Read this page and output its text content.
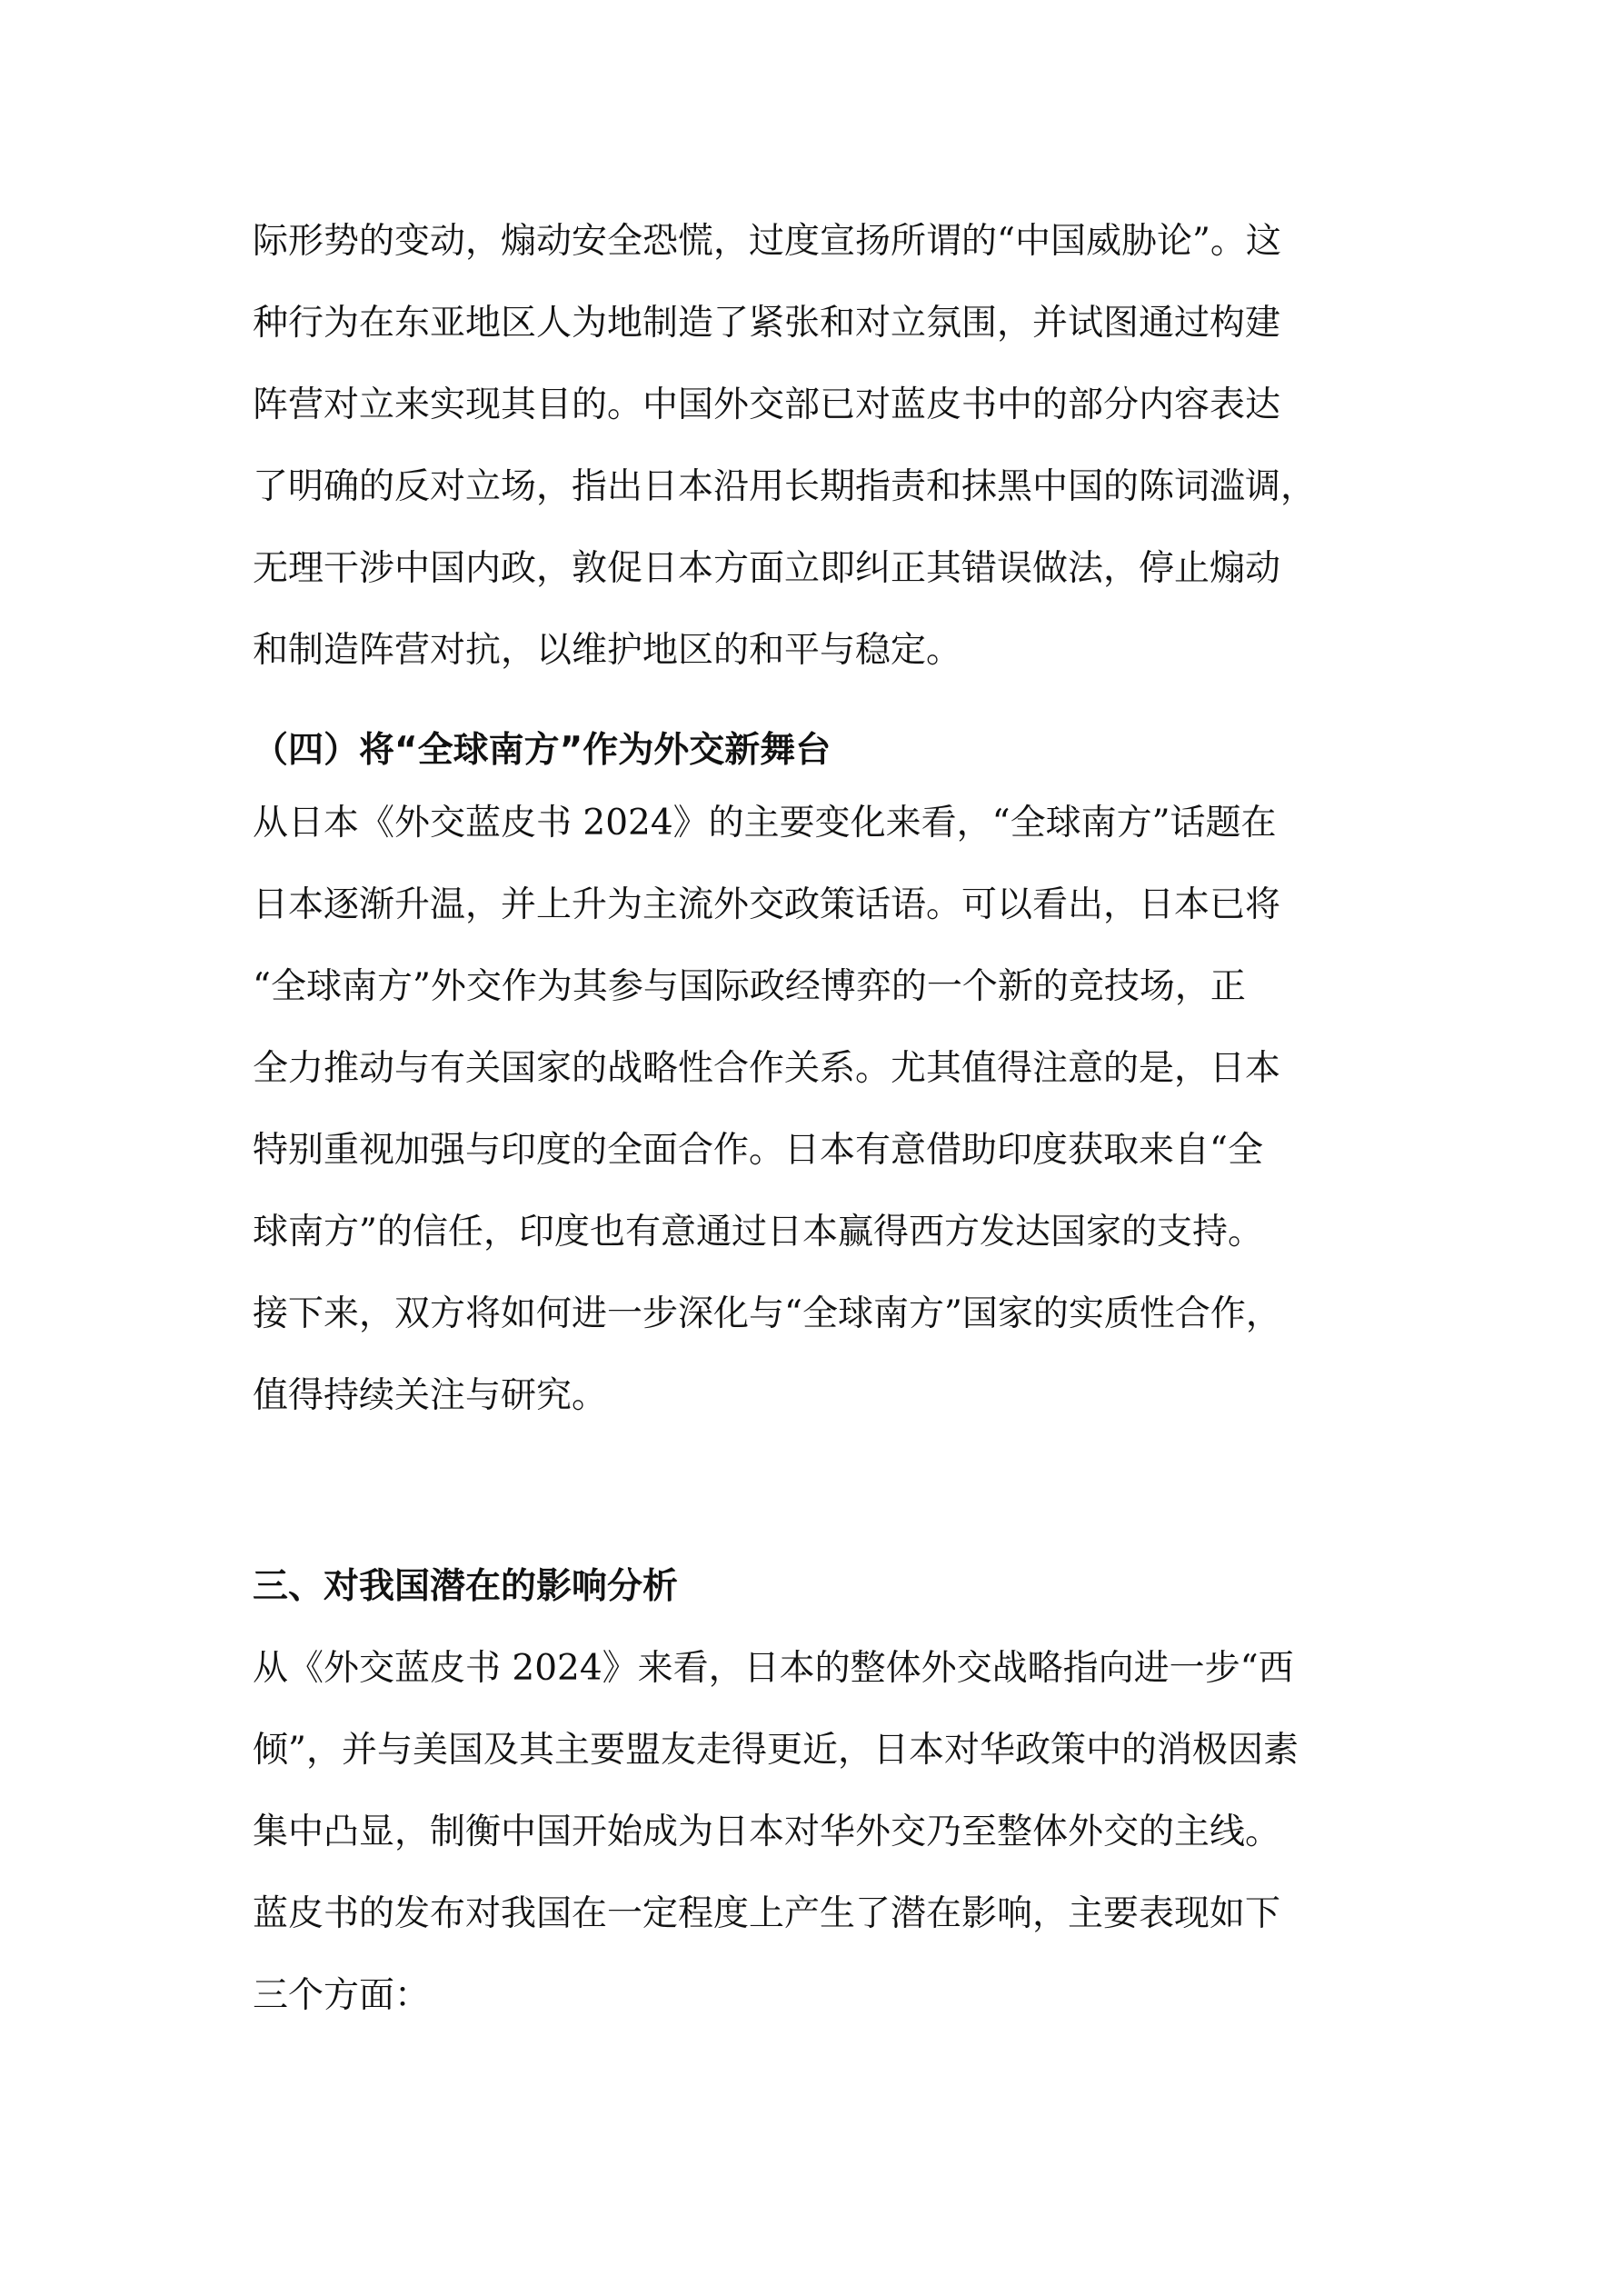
际形势的变动，煽动安全恐慌，过度宣扬所谓的“中国威胁论”。这
种行为在东亚地区人为地制造了紧张和对立氛围，并试图通过构建
阵营对立来实现其目的。中国外交部已对蓝皮书中的部分内容表达
了明确的反对立场，指出日本沿用长期指责和抹黑中国的陈词滥调，
无理干涉中国内政，敦促日本方面立即纠正其错误做法，停止煽动
和制造阵营对抗，以维护地区的和平与稳定。
（四）将“全球南方”作为外交新舞台
从日本《外交蓝皮书 2024》的主要变化来看，“全球南方”话题在
日本逐渐升温，并上升为主流外交政策话语。可以看出，日本已将
“全球南方”外交作为其参与国际政经博弈的一个新的竞技场，正
全力推动与有关国家的战略性合作关系。尤其值得注意的是，日本
特别重视加强与印度的全面合作。日本有意借助印度获取来自“全
球南方”的信任，印度也有意通过日本赢得西方发达国家的支持。
接下来，双方将如何进一步深化与“全球南方”国家的实质性合作，
值得持续关注与研究。
三、对我国潜在的影响分析
从《外交蓝皮书 2024》来看，日本的整体外交战略指向进一步“西
倾”，并与美国及其主要盟友走得更近，日本对华政策中的消极因素
集中凸显，制衡中国开始成为日本对华外交乃至整体外交的主线。
蓝皮书的发布对我国在一定程度上产生了潜在影响，主要表现如下
三个方面：
